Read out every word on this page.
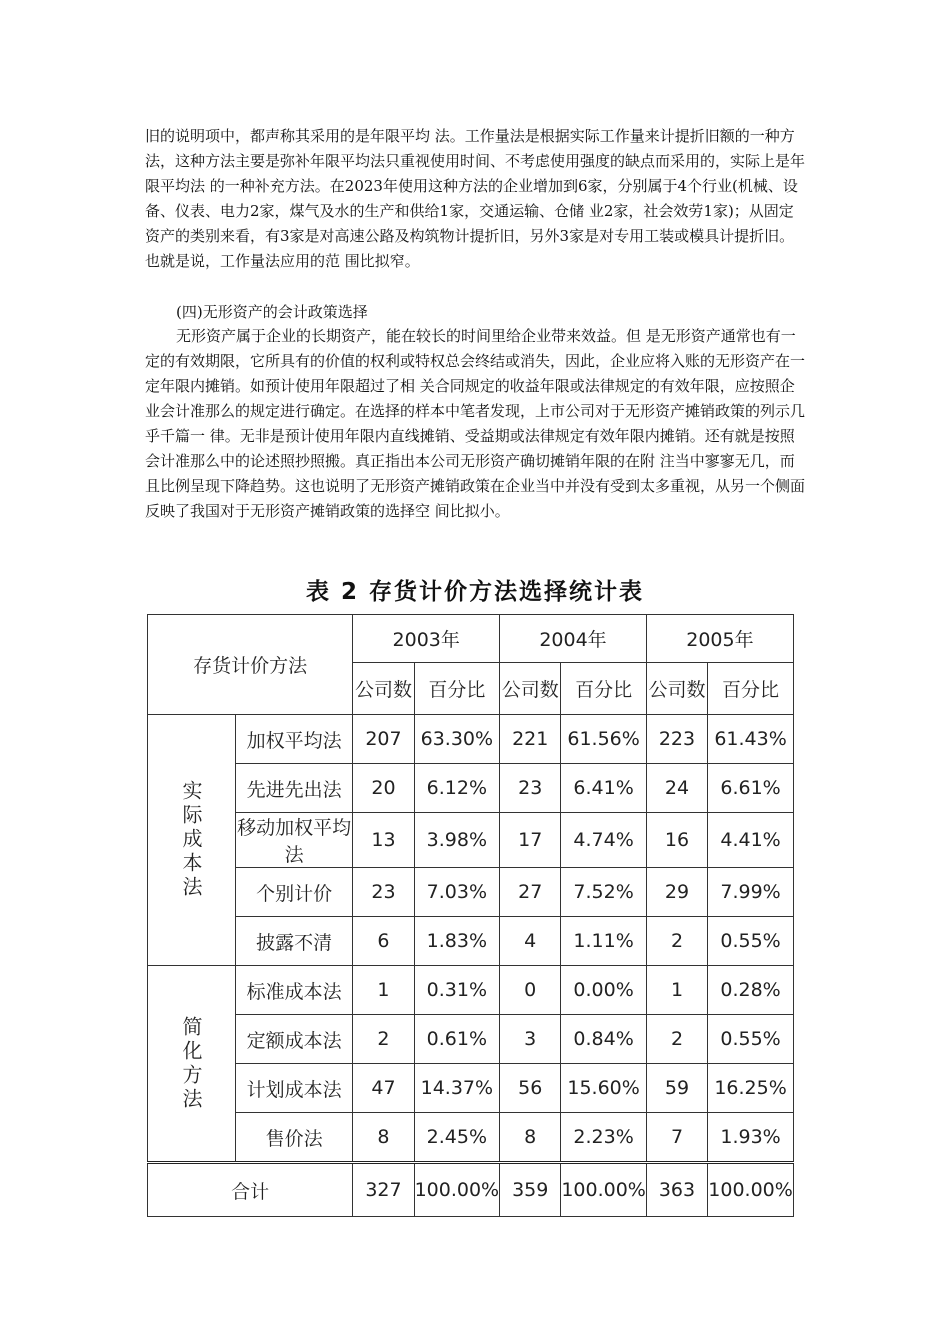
旧的说明项中，都声称其采用的是年限平均 法。工作量法是根据实际工作量来计提折旧额的一种方法，这种方法主要是弥补年限平均法只重视使用时间、不考虑使用强度的缺点而采用的，实际上是年限平均法 的一种补充方法。在2023年使用这种方法的企业增加到6家，分别属于4个行业(机械、设备、仪表、电力2家，煤气及水的生产和供给1家，交通运输、仓储 业2家，社会效劳1家)；从固定资产的类别来看，有3家是对高速公路及构筑物计提折旧，另外3家是对专用工装或模具计提折旧。也就是说，工作量法应用的范 围比拟窄。
(四)无形资产的会计政策选择
无形资产属于企业的长期资产，能在较长的时间里给企业带来效益。但 是无形资产通常也有一定的有效期限，它所具有的价值的权利或特权总会终结或消失，因此，企业应将入账的无形资产在一定年限内摊销。如预计使用年限超过了相 关合同规定的收益年限或法律规定的有效年限，应按照企业会计准那么的规定进行确定。在选择的样本中笔者发现，上市公司对于无形资产摊销政策的列示几乎千篇一 律。无非是预计使用年限内直线摊销、受益期或法律规定有效年限内摊销。还有就是按照会计准那么中的论述照抄照搬。真正指出本公司无形资产确切摊销年限的在附 注当中寥寥无几，而且比例呈现下降趋势。这也说明了无形资产摊销政策在企业当中并没有受到太多重视，从另一个侧面反映了我国对于无形资产摊销政策的选择空 间比拟小。
表 2 存货计价方法选择统计表
存货计价方法		2003年		2004年		2005年	
		公司数	百分比	公司数	百分比	公司数	百分比
实际成本法	加权平均法	207	63.30%	221	61.56%	223	61.43%
	先进先出法	20	6.12%	23	6.41%	24	6.61%
	移动加权平均法	13	3.98%	17	4.74%	16	4.41%
	个别计价	23	7.03%	27	7.52%	29	7.99%
	披露不清	6	1.83%	4	1.11%	2	0.55%
简化方法	标准成本法	1	0.31%	0	0.00%	1	0.28%
	定额成本法	2	0.61%	3	0.84%	2	0.55%
	计划成本法	47	14.37%	56	15.60%	59	16.25%
	售价法	8	2.45%	8	2.23%	7	1.93%
合计		327	100.00%	359	100.00%	363	100.00%
